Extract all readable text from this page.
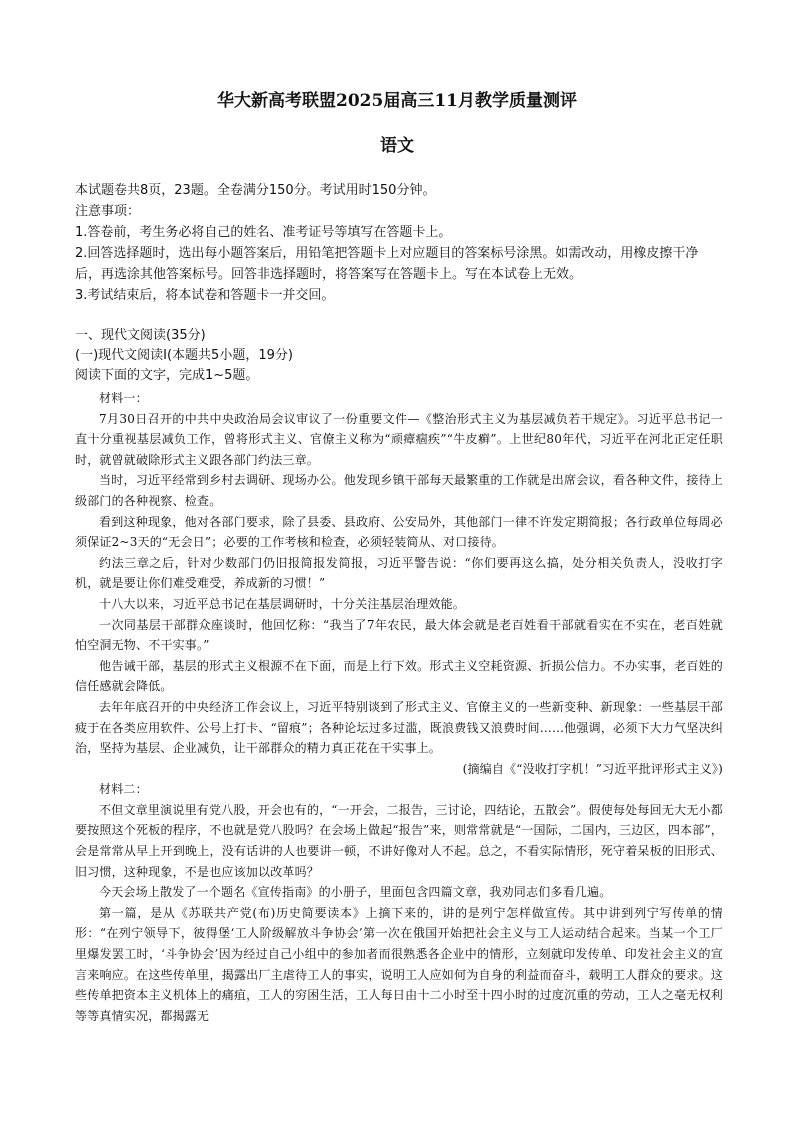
华大新高考联盟2025届高三11月教学质量测评
语文

本试题卷共8页，23题。全卷满分150分。考试用时150分钟。

注意事项：

1.答卷前，考生务必将自己的姓名、准考证号等填写在答题卡上。

2.回答选择题时，选出每小题答案后，用铅笔把答题卡上对应题目的答案标号涂黑。如需改动，用橡皮擦干净后，再选涂其他答案标号。回答非选择题时，将答案写在答题卡上。写在本试卷上无效。

3.考试结束后，将本试卷和答题卡一并交回。

一、现代文阅读(35分)

(一)现代文阅读I(本题共5小题，19分)

阅读下面的文字，完成1~5题。

材料一：

7月30日召开的中共中央政治局会议审议了一份重要文件—《整治形式主义为基层减负若干规定》。习近平总书记一直十分重视基层减负工作，曾将形式主义、官僚主义称为“顽瘴痼疾”“牛皮癣”。上世纪80年代，习近平在河北正定任职时，就曾就破除形式主义跟各部门约法三章。

当时，习近平经常到乡村去调研、现场办公。他发现乡镇干部每天最繁重的工作就是出席会议，看各种文件，接待上级部门的各种视察、检查。

看到这种现象，他对各部门要求，除了县委、县政府、公安局外，其他部门一律不许发定期简报；各行政单位每周必须保证2~3天的“无会日”；必要的工作考核和检查，必须轻装简从、对口接待。

约法三章之后，针对少数部门仍旧报简报发简报，习近平警告说：“你们要再这么搞，处分相关负责人，没收打字机，就是要让你们难受难受，养成新的习惯！”

十八大以来，习近平总书记在基层调研时，十分关注基层治理效能。

一次同基层干部群众座谈时，他回忆称：“我当了7年农民，最大体会就是老百姓看干部就看实在不实在，老百姓就怕空洞无物、不干实事。”

他告诫干部，基层的形式主义根源不在下面，而是上行下效。形式主义空耗资源、折损公信力。不办实事，老百姓的信任感就会降低。

去年年底召开的中央经济工作会议上，习近平特别谈到了形式主义、官僚主义的一些新变种、新现象：一些基层干部疲于在各类应用软件、公号上打卡、“留痕”；各种论坛过多过滥，既浪费钱又浪费时间……他强调，必须下大力气坚决纠治，坚持为基层、企业减负，让干部群众的精力真正花在干实事上。

(摘编自《“没收打字机！”习近平批评形式主义》)

材料二：

不但文章里演说里有党八股，开会也有的，“一开会，二报告，三讨论，四结论，五散会”。假使每处每回无大无小都要按照这个死板的程序，不也就是党八股吗？在会场上做起“报告”来，则常常就是“一国际，二国内，三边区，四本部”，会是常常从早上开到晚上，没有话讲的人也要讲一顿，不讲好像对人不起。总之，不看实际情形，死守着呆板的旧形式、旧习惯，这种现象，不是也应该加以改革吗？

今天会场上散发了一个题名《宣传指南》的小册子，里面包含四篇文章，我劝同志们多看几遍。

第一篇，是从《苏联共产党(布)历史简要读本》上摘下来的，讲的是列宁怎样做宣传。其中讲到列宁写传单的情形：“在列宁领导下，彼得堡‘工人阶级解放斗争协会’第一次在俄国开始把社会主义与工人运动结合起来。当某一个工厂里爆发罢工时，‘斗争协会’因为经过自己小组中的参加者而很熟悉各企业中的情形，立刻就印发传单、印发社会主义的宣言来响应。在这些传单里，揭露出厂主虐待工人的事实，说明工人应如何为自身的利益而奋斗，载明工人群众的要求。这些传单把资本主义机体上的痛疽，工人的穷困生活，工人每日由十二小时至十四小时的过度沉重的劳动，工人之毫无权利等等真情实况，都揭露无
